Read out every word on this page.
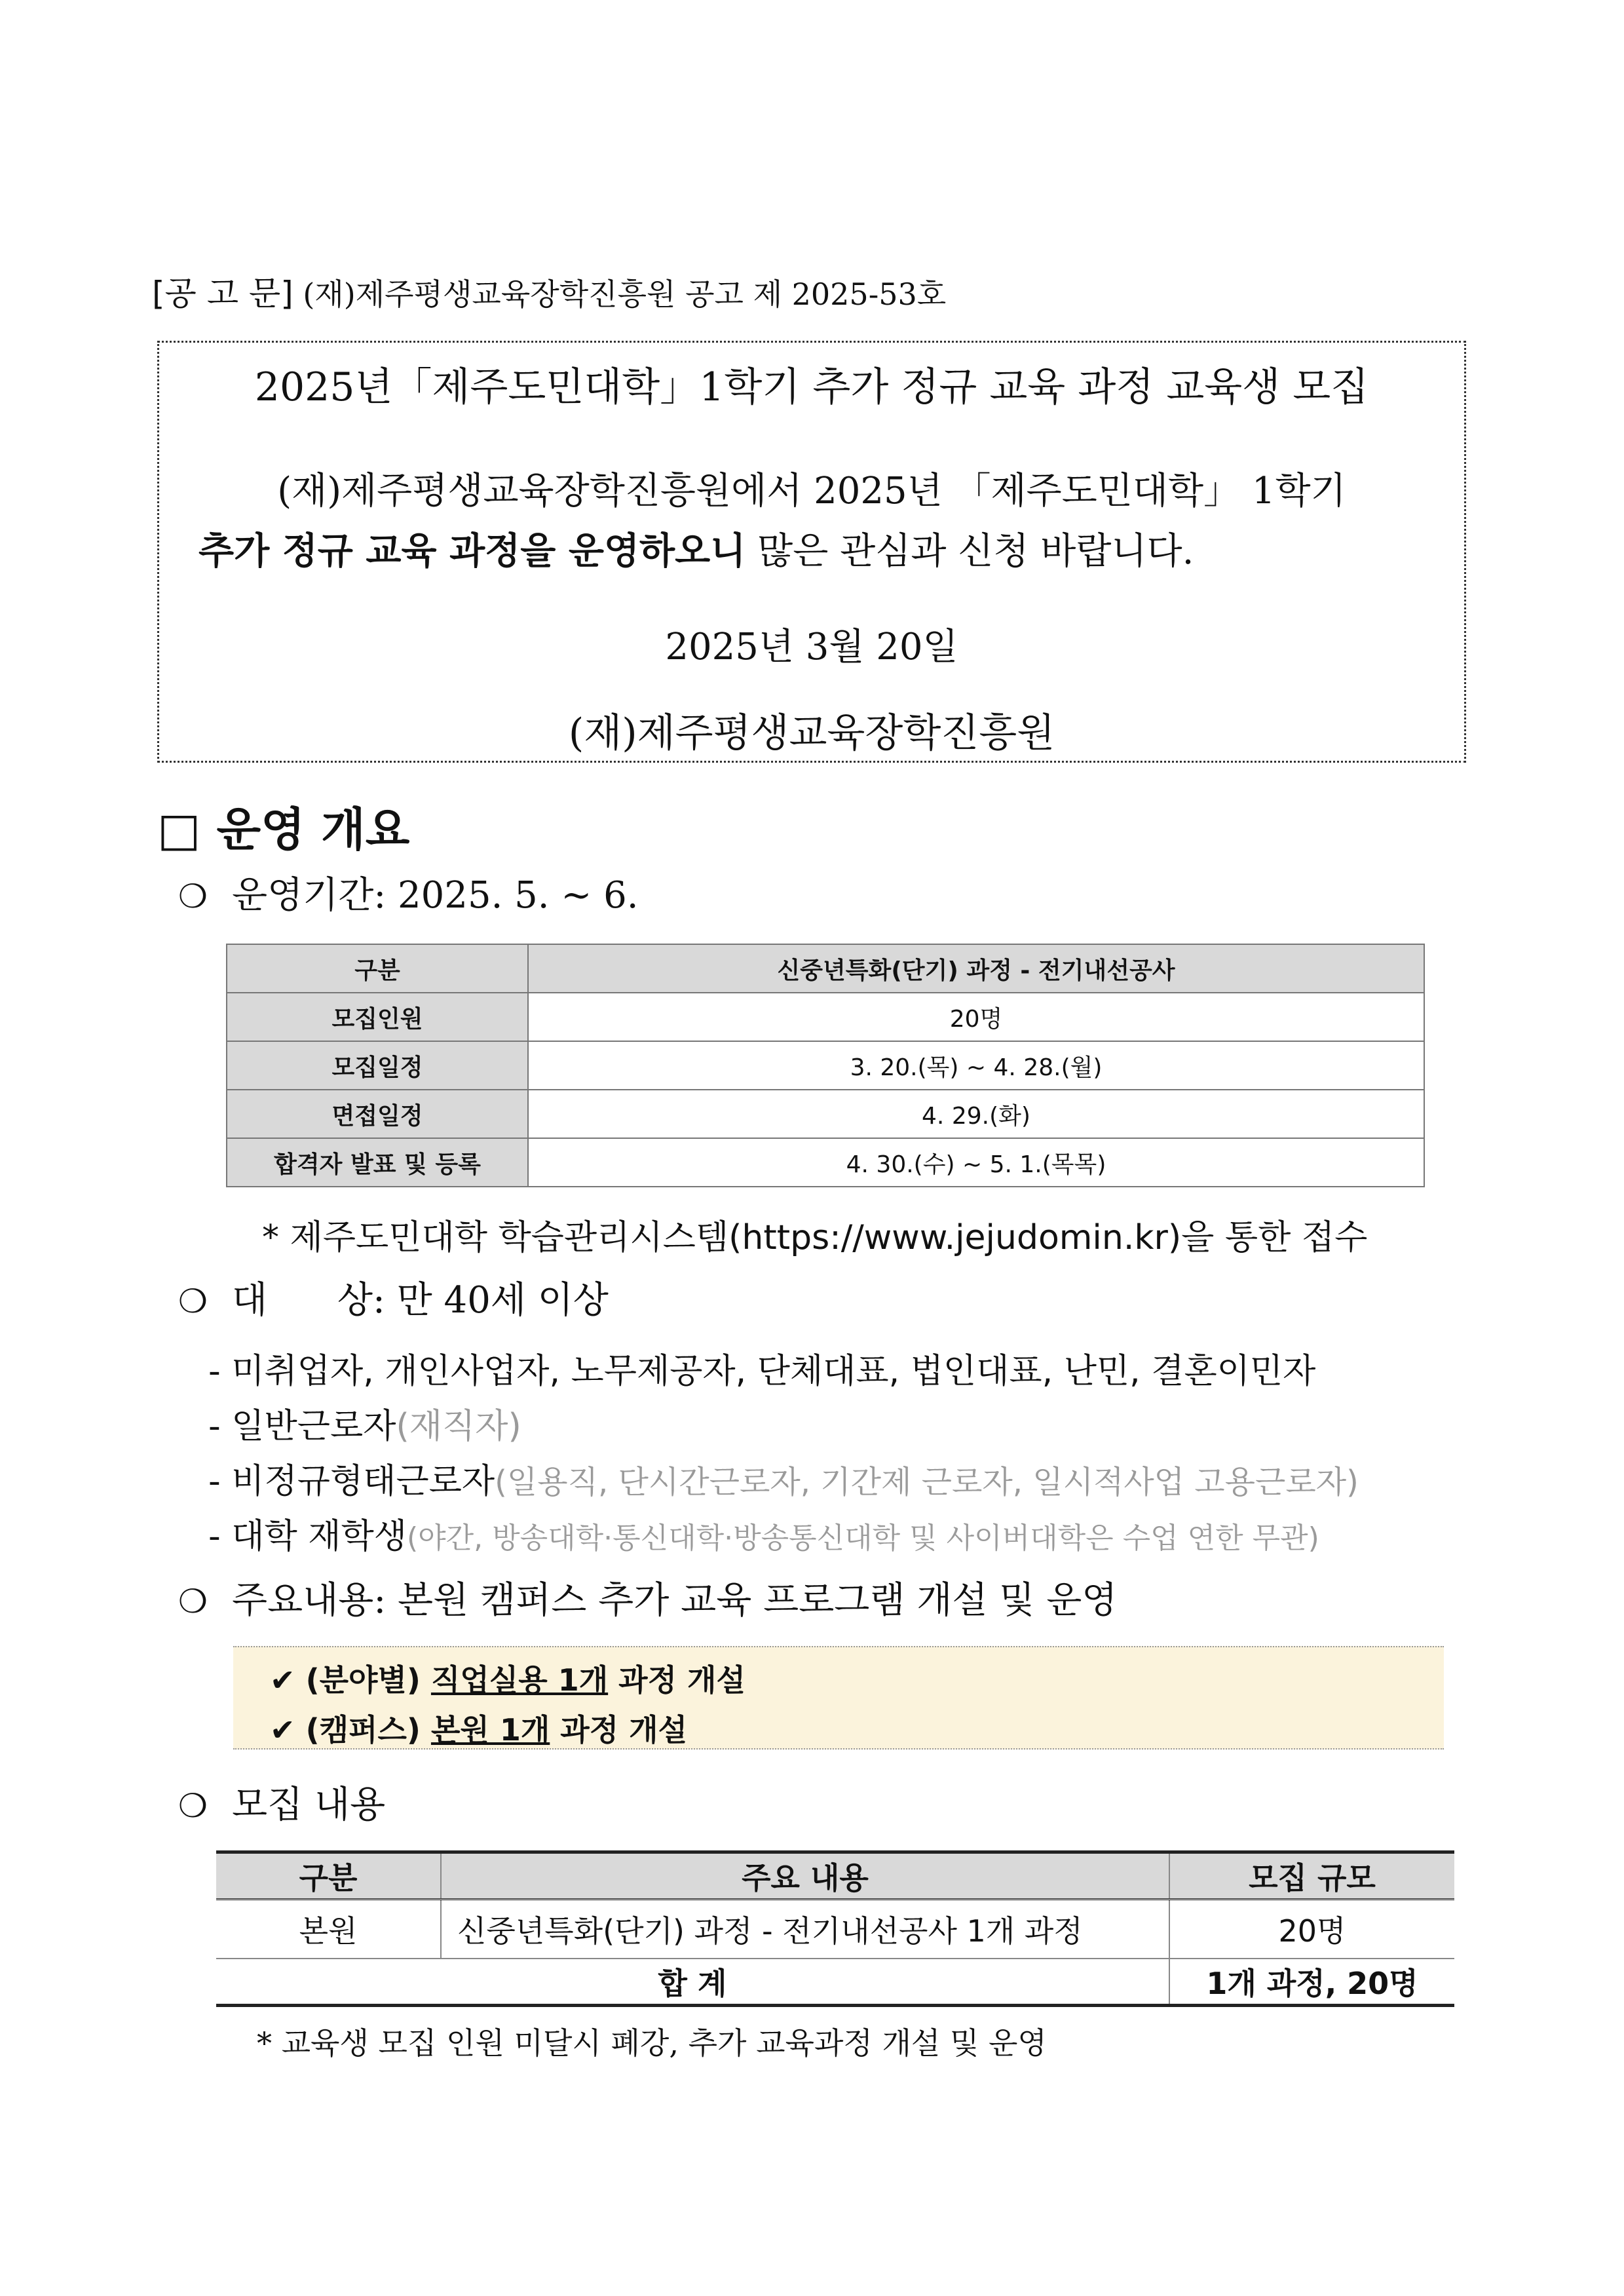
[공 고 문] (재)제주평생교육장학진흥원 공고 제 2025-53호
2025년「제주도민대학」1학기 추가 정규 교육 과정 교육생 모집
(재)제주평생교육장학진흥원에서 2025년 「제주도민대학」 1학기
추가 정규 교육 과정을 운영하오니 많은 관심과 신청 바랍니다.
2025년 3월 20일
(재)제주평생교육장학진흥원
□ 운영 개요
❍ 운영기간: 2025. 5. ~ 6.
구분	신중년특화(단기) 과정 - 전기내선공사
모집인원	20명
모집일정	3. 20.(목) ~ 4. 28.(월)
면접일정	4. 29.(화)
합격자 발표 및 등록	4. 30.(수) ~ 5. 1.(목목)
* 제주도민대학 학습관리시스템(https://www.jejudomin.kr)을 통한 접수
❍ 대      상: 만 40세 이상
- 미취업자, 개인사업자, 노무제공자, 단체대표, 법인대표, 난민, 결혼이민자
- 일반근로자(재직자)
- 비정규형태근로자(일용직, 단시간근로자, 기간제 근로자, 일시적사업 고용근로자)
- 대학 재학생(야간, 방송대학·통신대학·방송통신대학 및 사이버대학은 수업 연한 무관)
❍ 주요내용: 본원 캠퍼스 추가 교육 프로그램 개설 및 운영
✔ (분야별) 직업실용 1개 과정 개설
✔ (캠퍼스) 본원 1개 과정 개설
❍ 모집 내용
구분	주요 내용	모집 규모
본원	신중년특화(단기) 과정 - 전기내선공사 1개 과정	20명
합 계		1개 과정, 20명
* 교육생 모집 인원 미달시 폐강, 추가 교육과정 개설 및 운영
